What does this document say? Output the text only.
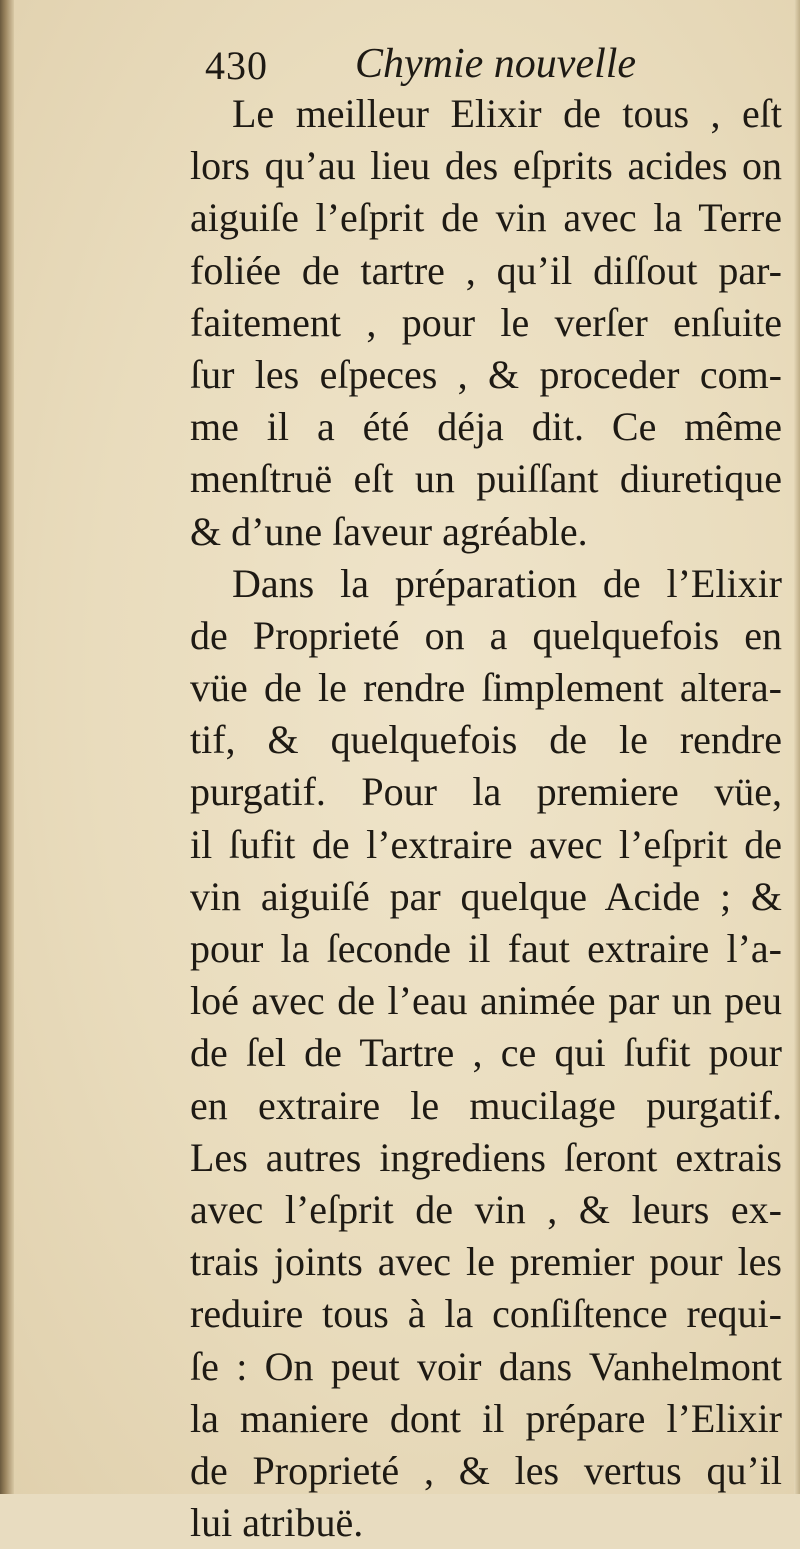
430 Chymie nouvelle
Le meilleur Elixir de tous , eſt
lors qu’au lieu des eſprits acides on
aiguiſe l’eſprit de vin avec la Terre
foliée de tartre , qu’il diſſout par-
faitement , pour le verſer enſuite
ſur les eſpeces , & proceder com-
me il a été déja dit. Ce même
menſtruë eſt un puiſſant diuretique
& d’une ſaveur agréable.
Dans la préparation de l’Elixir
de Proprieté on a quelquefois en
vüe de le rendre ſimplement altera-
tif, & quelquefois de le rendre
purgatif. Pour la premiere vüe,
il ſufit de l’extraire avec l’eſprit de
vin aiguiſé par quelque Acide ; &
pour la ſeconde il faut extraire l’a-
loé avec de l’eau animée par un peu
de ſel de Tartre , ce qui ſufit pour
en extraire le mucilage purgatif.
Les autres ingrediens ſeront extrais
avec l’eſprit de vin , & leurs ex-
trais joints avec le premier pour les
reduire tous à la conſiſtence requi-
ſe : On peut voir dans Vanhelmont
la maniere dont il prépare l’Elixir
de Proprieté , & les vertus qu’il
lui atribuë.
